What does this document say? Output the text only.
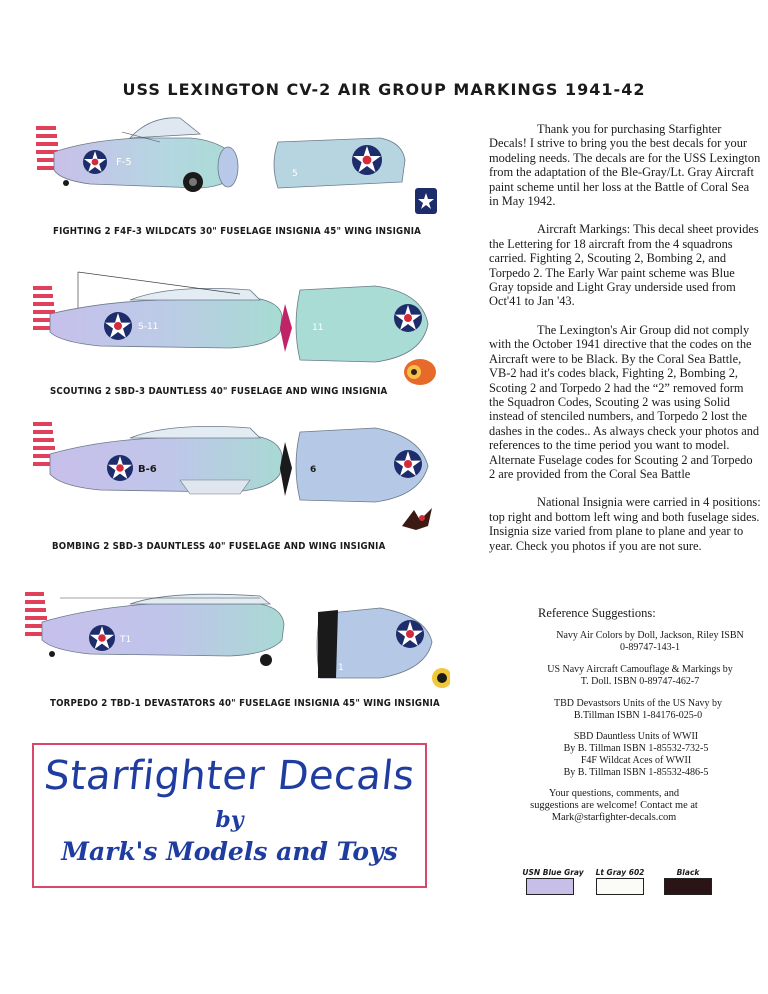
USS LEXINGTON CV-2 AIR GROUP MARKINGS 1941-42
F-5
5
FIGHTING 2 F4F-3 WILDCATS 30" FUSELAGE INSIGNIA 45" WING INSIGNIA
S-11	11
SCOUTING 2 SBD-3 DAUNTLESS 40" FUSELAGE AND WING INSIGNIA
B-6	6
BOMBING 2 SBD-3 DAUNTLESS 40" FUSELAGE AND WING INSIGNIA
T1
1
TORPEDO 2 TBD-1 DEVASTATORS 40" FUSELAGE INSIGNIA 45" WING INSIGNIA

Thank you for purchasing Starfighter Decals! I strive to bring you the best decals for your modeling needs. The decals are for the USS Lexington from the adaptation of the Ble-Gray/Lt. Gray Aircraft paint scheme until her loss at the Battle of Coral Sea in May 1942.

Aircraft Markings: This decal sheet provides the Lettering for 18 aircraft from the 4 squadrons carried. Fighting 2, Scouting 2, Bombing 2, and Torpedo 2. The Early War paint scheme was Blue Gray topside and Light Gray underside used from Oct'41 to Jan '43.

The Lexington's Air Group did not comply with the October 1941 directive that the codes on the Aircraft were to be Black. By the Coral Sea Battle, VB-2 had it's codes black, Fighting 2, Bombing 2, Scoting 2 and Torpedo 2 had the “2” removed form the Squadron Codes, Scouting 2 was using Solid instead of stenciled numbers, and Torpedo 2 lost the dashes in the codes.. As always check your photos and references to the time period you want to model. Alternate Fuselage codes for Scouting 2 and Torpedo 2 are provided from the Coral Sea Battle

National Insignia were carried in 4 positions: top right and bottom left wing and both fuselage sides. Insignia size varied from plane to plane and year to year. Check you photos if you are not sure.

Reference Suggestions:
Navy Air Colors by Doll, Jackson, Riley ISBN
0-89747-143-1
US Navy Aircraft Camouflage & Markings by
T. Doll. ISBN 0-89747-462-7
TBD Devastsors Units of the US Navy by
B.Tillman ISBN 1-84176-025-0
SBD Dauntless Units of WWII
By B. Tillman ISBN 1-85532-732-5
F4F Wildcat Aces of WWII
By B. Tillman ISBN 1-85532-486-5
Your questions, comments, and
suggestions are welcome! Contact me at
Mark@starfighter-decals.com
Starfighter Decals
by
Mark's Models and Toys
USN Blue Gray	Lt Gray 602	Black
